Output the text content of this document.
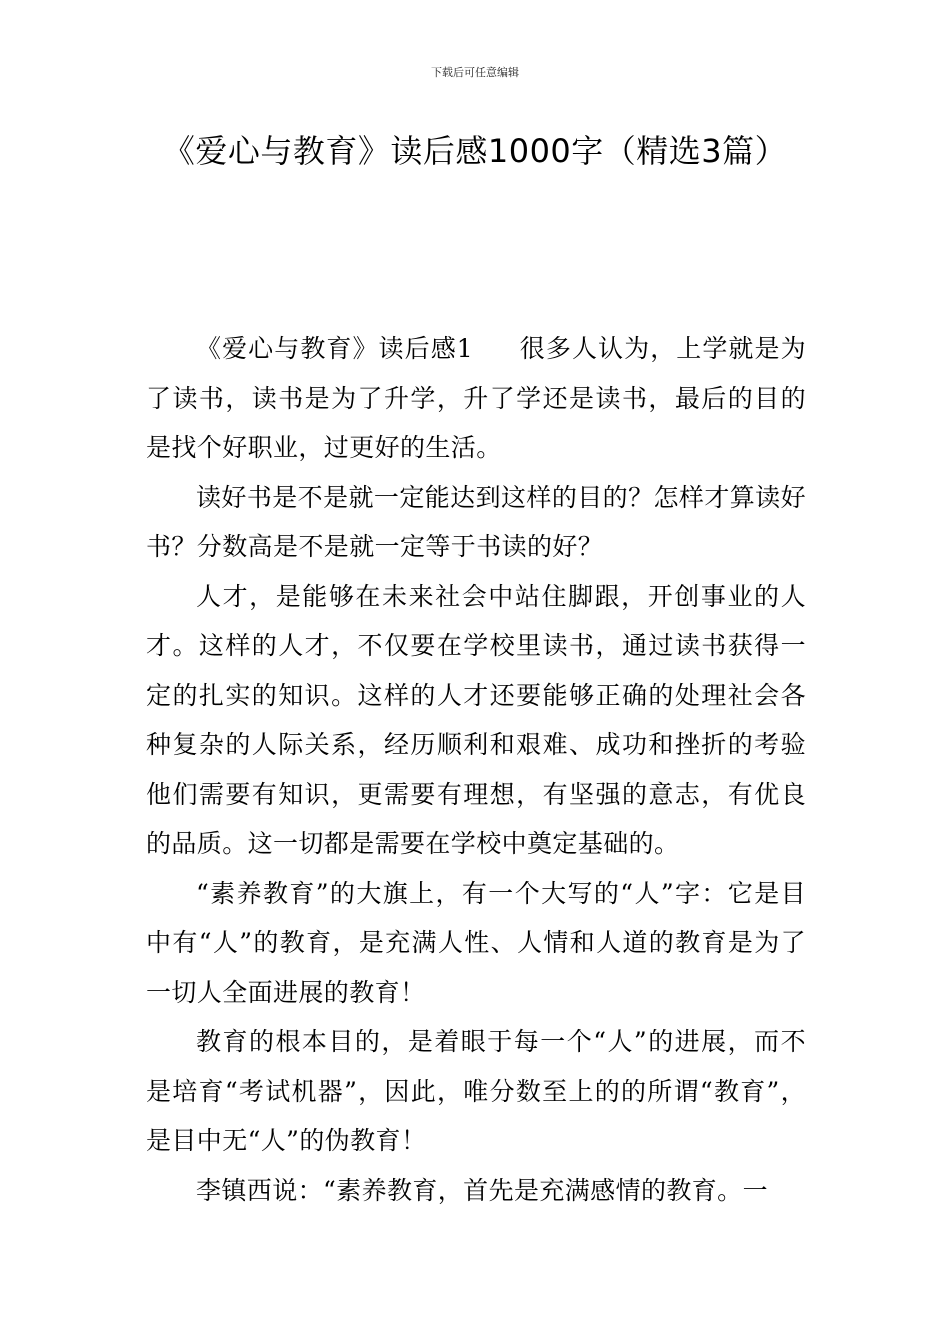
下载后可任意编辑
《爱心与教育》读后感1000字（精选3篇）

《爱心与教育》读后感1 很多人认为，上学就是为了读书，读书是为了升学，升了学还是读书，最后的目的是找个好职业，过更好的生活。

读好书是不是就一定能达到这样的目的？怎样才算读好书？分数高是不是就一定等于书读的好？

人才，是能够在未来社会中站住脚跟，开创事业的人才。这样的人才，不仅要在学校里读书，通过读书获得一定的扎实的知识。这样的人才还要能够正确的处理社会各种复杂的人际关系，经历顺利和艰难、成功和挫折的考验他们需要有知识，更需要有理想，有坚强的意志，有优良的品质。这一切都是需要在学校中奠定基础的。

“素养教育”的大旗上，有一个大写的“人”字：它是目中有“人”的教育，是充满人性、人情和人道的教育是为了一切人全面进展的教育！

教育的根本目的，是着眼于每一个“人”的进展，而不是培育“考试机器”，因此，唯分数至上的的所谓“教育”，是目中无“人”的伪教育！

李镇西说：“素养教育，首先是充满感情的教育。一
